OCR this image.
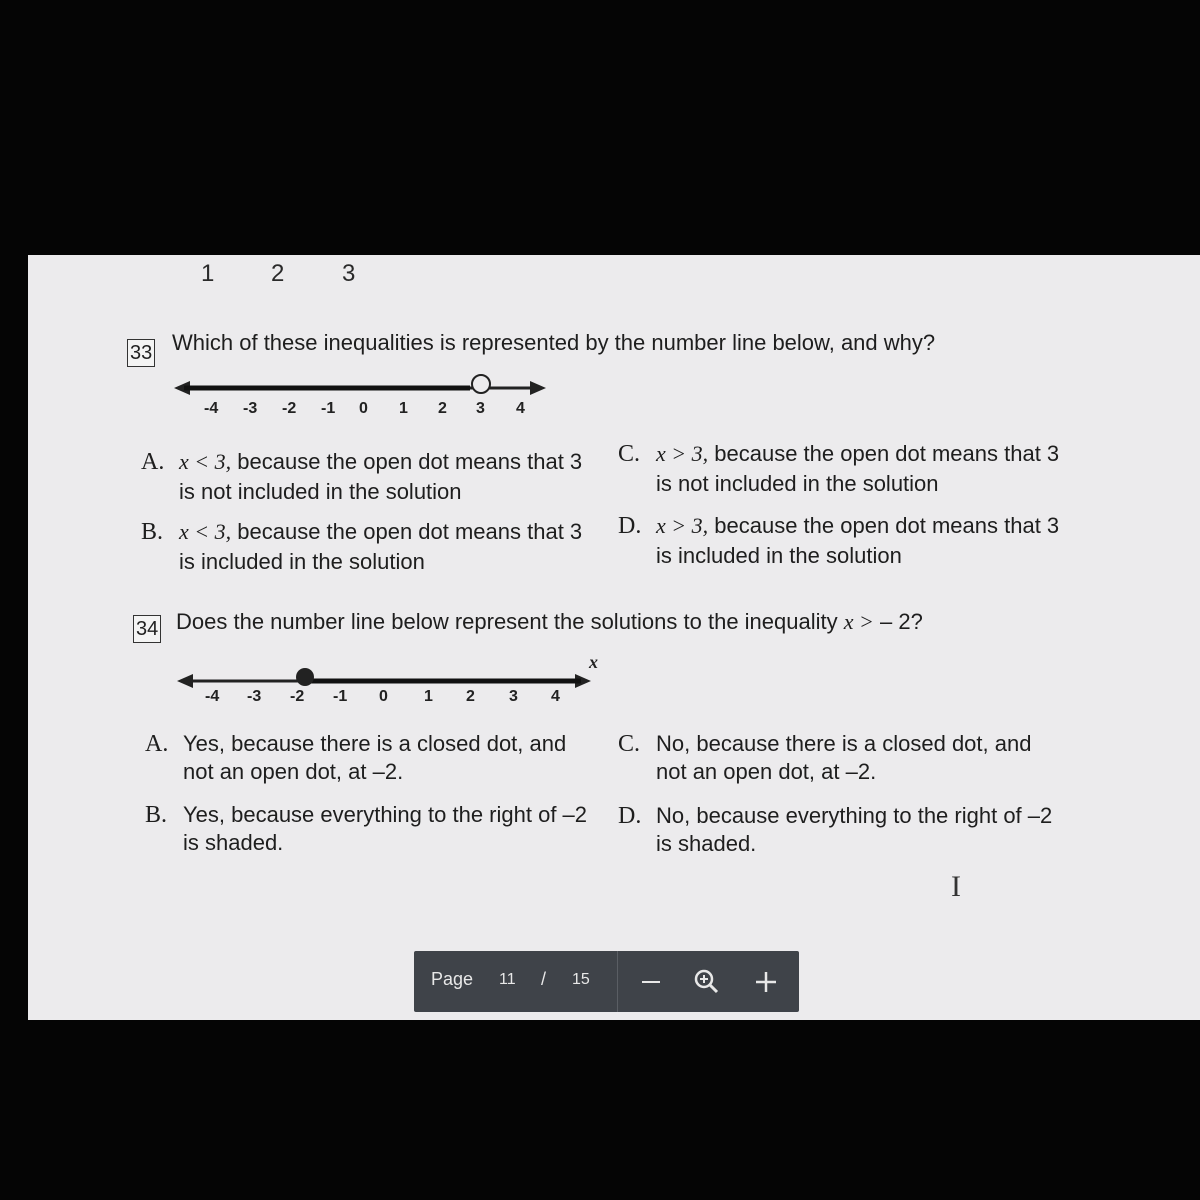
1 2 3
33 Which of these inequalities is represented by the number line below, and why?
-4 -3 -2 -1 0 1 2 3 4
A. x < 3, because the open dot means that 3
is not included in the solution
B. x < 3, because the open dot means that 3
is included in the solution
C. x > 3, because the open dot means that 3
is not included in the solution
D. x > 3, because the open dot means that 3
is included in the solution
34 Does the number line below represent the solutions to the inequality x > – 2?
x
-4 -3 -2 -1 0 1 2 3 4
A. Yes, because there is a closed dot, and
not an open dot, at –2.
B. Yes, because everything to the right of –2
is shaded.
C. No, because there is a closed dot, and
not an open dot, at –2.
D. No, because everything to the right of –2
is shaded.
I
Page 11 / 15
